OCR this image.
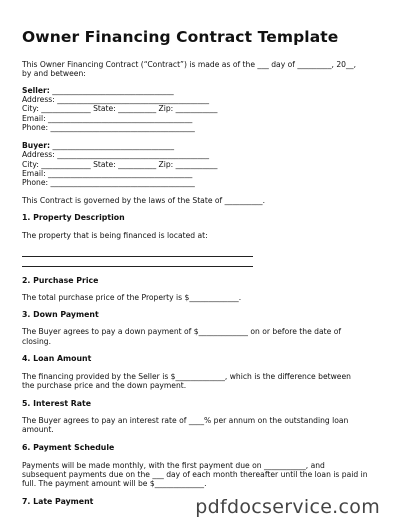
Owner Financing Contract Template
This Owner Financing Contract (“Contract”) is made as of the ___ day of _________, 20__,
by and between:
Seller: ________________________________
Address: ________________________________________
City: _____________ State: __________ Zip: ___________
Email: ______________________________________
Phone: ______________________________________
Buyer: ________________________________
Address: ________________________________________
City: _____________ State: __________ Zip: ___________
Email: ______________________________________
Phone: ______________________________________
This Contract is governed by the laws of the State of __________.
1. Property Description
The property that is being financed is located at:
2. Purchase Price
The total purchase price of the Property is $_____________.
3. Down Payment
The Buyer agrees to pay a down payment of $_____________ on or before the date of
closing.
4. Loan Amount
The financing provided by the Seller is $_____________, which is the difference between
the purchase price and the down payment.
5. Interest Rate
The Buyer agrees to pay an interest rate of ____% per annum on the outstanding loan
amount.
6. Payment Schedule
Payments will be made monthly, with the first payment due on ___________, and
subsequent payments due on the ___ day of each month thereafter until the loan is paid in
full. The payment amount will be $_____________.
7. Late Payment	pdfdocservice.com
